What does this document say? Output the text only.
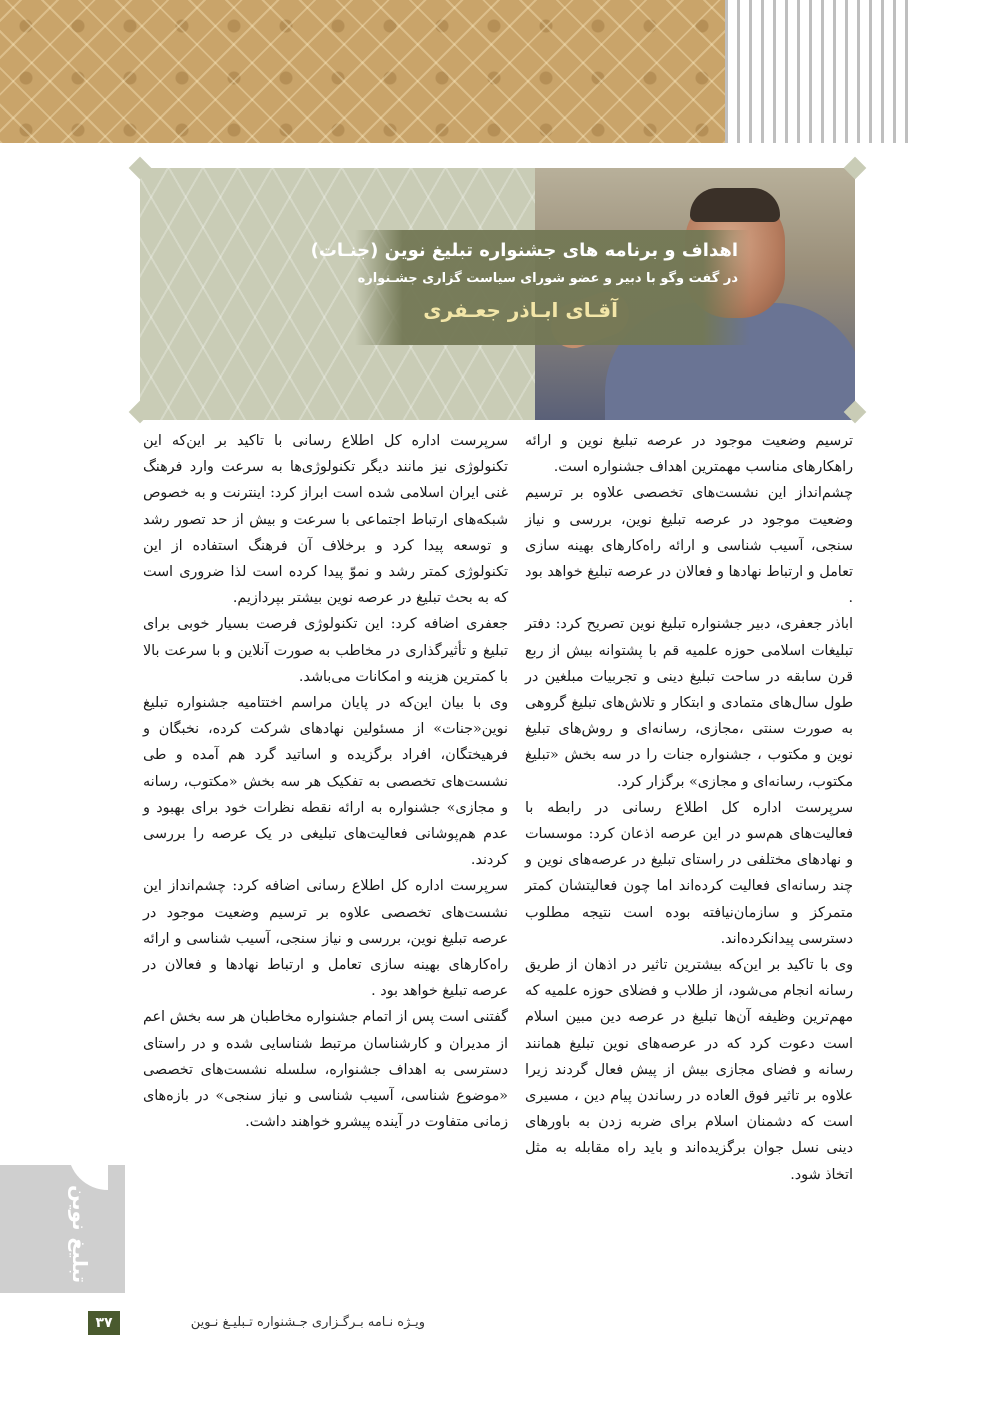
اهداف و برنامه های جشنواره تبلیغ نوین (جنـات)
در گفت وگو با دبیر و عضو شورای سیاست گزاری جشـنواره
آقـای ابـاذر جعـفری

ترسیم وضعیت موجود در عرصه تبلیغ نوین و ارائه راهکارهای مناسب مهمترین اهداف جشنواره است.

چشم‌انداز این نشست‌های تخصصی علاوه بر ترسیم وضعیت موجود در عرصه تبلیغ نوین، بررسی و نیاز سنجی، آسیب شناسی و ارائه راه‌کارهای بهینه سازی تعامل و ارتباط نهادها و فعالان در عرصه تبلیغ خواهد بود .

اباذر جعفری، دبیر جشنواره تبلیغ نوین تصریح کرد: دفتر تبلیغات اسلامی حوزه علمیه قم با پشتوانه بیش از ربع قرن سابقه در ساحت تبلیغ دینی و تجربیات مبلغین در طول سال‌های متمادی و ابتکار و تلاش‌های تبلیغ گروهی به صورت سنتی ،مجازی، رسانه‌ای و روش‌های تبلیغ نوین و مکتوب ، جشنواره جنات را در سه بخش «تبلیغ مکتوب، رسانه‌ای و مجازی» برگزار کرد.

سرپرست اداره کل اطلاع رسانی در رابطه با فعالیت‌های هم‌سو در این عرصه اذعان کرد: موسسات و نهادهای مختلفی در راستای تبلیغ در عرصه‌های نوین و چند رسانه‌ای فعالیت کرده‌اند اما چون فعالیتشان کمتر متمرکز و سازمان‌نیافته بوده است نتیجه مطلوب دسترسی پیدانکرده‌اند.

وی با تاکید بر این‌که بیشترین تاثیر در اذهان از طریق رسانه انجام می‌شود، از طلاب و فضلای حوزه علمیه که مهم‌ترین وظیفه آن‌ها تبلیغ در عرصه دین مبین اسلام است دعوت کرد که در عرصه‌های نوین تبلیغ همانند رسانه و فضای مجازی بیش از پیش فعال گردند زیرا علاوه بر تاثیر فوق العاده در رساندن پیام دین ، مسیری است که دشمنان اسلام برای ضربه زدن به باورهای دینی نسل جوان برگزیده‌اند و باید راه مقابله به مثل اتخاذ شود.

سرپرست اداره کل اطلاع رسانی با تاکید بر این‌که این تکنولوژی نیز مانند دیگر تکنولوژی‌ها به سرعت وارد فرهنگ غنی ایران اسلامی شده است ابراز کرد: اینترنت و به خصوص شبکه‌های ارتباط اجتماعی با سرعت و بیش از حد تصور رشد و توسعه پیدا کرد و برخلاف آن فرهنگ استفاده از این تکنولوژی کمتر رشد و نموّ پیدا کرده است لذا ضروری است که به بحث تبلیغ در عرصه نوین بیشتر بپردازیم.

جعفری اضافه کرد: این تکنولوژی فرصت بسیار خوبی برای تبلیغ و تأثیرگذاری در مخاطب به صورت آنلاین و با سرعت بالا با کمترین هزینه و امکانات می‌باشد.

وی با بیان این‌که در پایان مراسم اختتامیه جشنواره تبلیغ نوین«جنات» از مسئولین نهادهای شرکت کرده، نخبگان و فرهیختگان، افراد برگزیده و اساتید گرد هم آمده و طی نشست‌های تخصصی به تفکیک هر سه بخش «مکتوب، رسانه و مجازی» جشنواره به ارائه نقطه نظرات خود برای بهبود و عدم هم‌پوشانی فعالیت‌های تبلیغی در یک عرصه را بررسی کردند.

سرپرست اداره کل اطلاع رسانی اضافه کرد: چشم‌انداز این نشست‌های تخصصی علاوه بر ترسیم وضعیت موجود در عرصه تبلیغ نوین، بررسی و نیاز سنجی، آسیب شناسی و ارائه راه‌کارهای بهینه سازی تعامل و ارتباط نهادها و فعالان در عرصه تبلیغ خواهد بود .

گفتنی است پس از اتمام جشنواره مخاطبان هر سه بخش اعم از مدیران و کارشناسان مرتبط شناسایی شده و در راستای دسترسی به اهداف جشنواره، سلسله نشست‌های تخصصی «موضوع شناسی، آسیب شناسی و نیاز سنجی» در بازه‌های زمانی متفاوت در آینده پیشرو خواهند داشت.

تبلیغ نوین
۳۷	ویـژه نـامه بـرگـزاری جـشنواره تـبلیـغ نـوین
